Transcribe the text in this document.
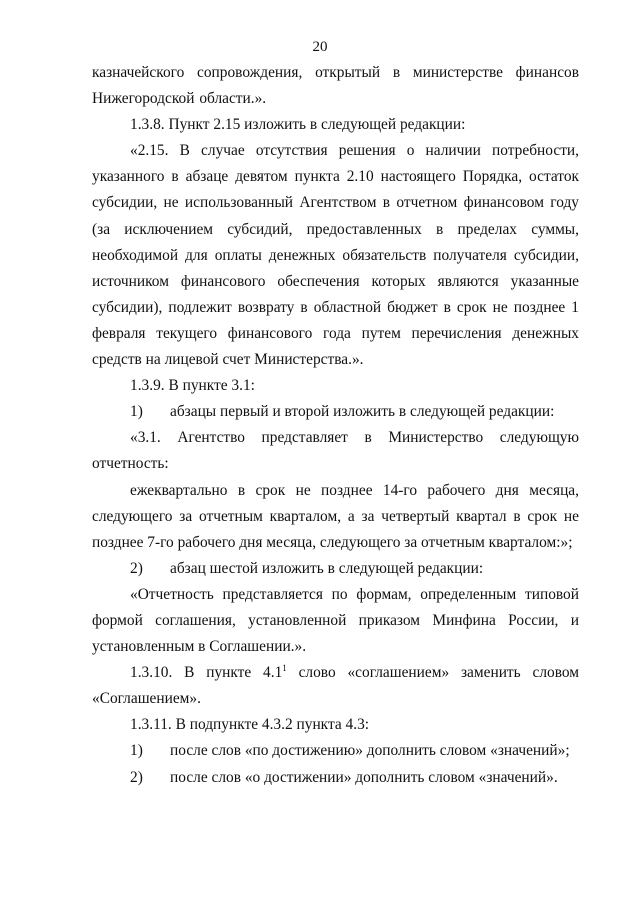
20

казначейского сопровождения, открытый в министерстве финансов Нижегородской области.».

1.3.8. Пункт 2.15 изложить в следующей редакции:

«2.15. В случае отсутствия решения о наличии потребности, указанного в абзаце девятом пункта 2.10 настоящего Порядка, остаток субсидии, не использованный Агентством в отчетном финансовом году (за исключением субсидий, предоставленных в пределах суммы, необходимой для оплаты денежных обязательств получателя субсидии, источником финансового обеспечения которых являются указанные субсидии), подлежит возврату в областной бюджет в срок не позднее 1 февраля текущего финансового года путем перечисления денежных средств на лицевой счет Министерства.».

1.3.9. В пункте 3.1:

1)	абзацы первый и второй изложить в следующей редакции:

«3.1. Агентство представляет в Министерство следующую отчетность:

ежеквартально в срок не позднее 14-го рабочего дня месяца, следующего за отчетным кварталом, а за четвертый квартал в срок не позднее 7-го рабочего дня месяца, следующего за отчетным кварталом:»;

2)	абзац шестой изложить в следующей редакции:

«Отчетность представляется по формам, определенным типовой формой соглашения, установленной приказом Минфина России, и установленным в Соглашении.».

1.3.10. В пункте $4.1^1$ слово «соглашением» заменить словом «Соглашением».

1.3.11. В подпункте 4.3.2 пункта 4.3:

1)	после слов «по достижению» дополнить словом «значений»;
2)	после слов «о достижении» дополнить словом «значений».
